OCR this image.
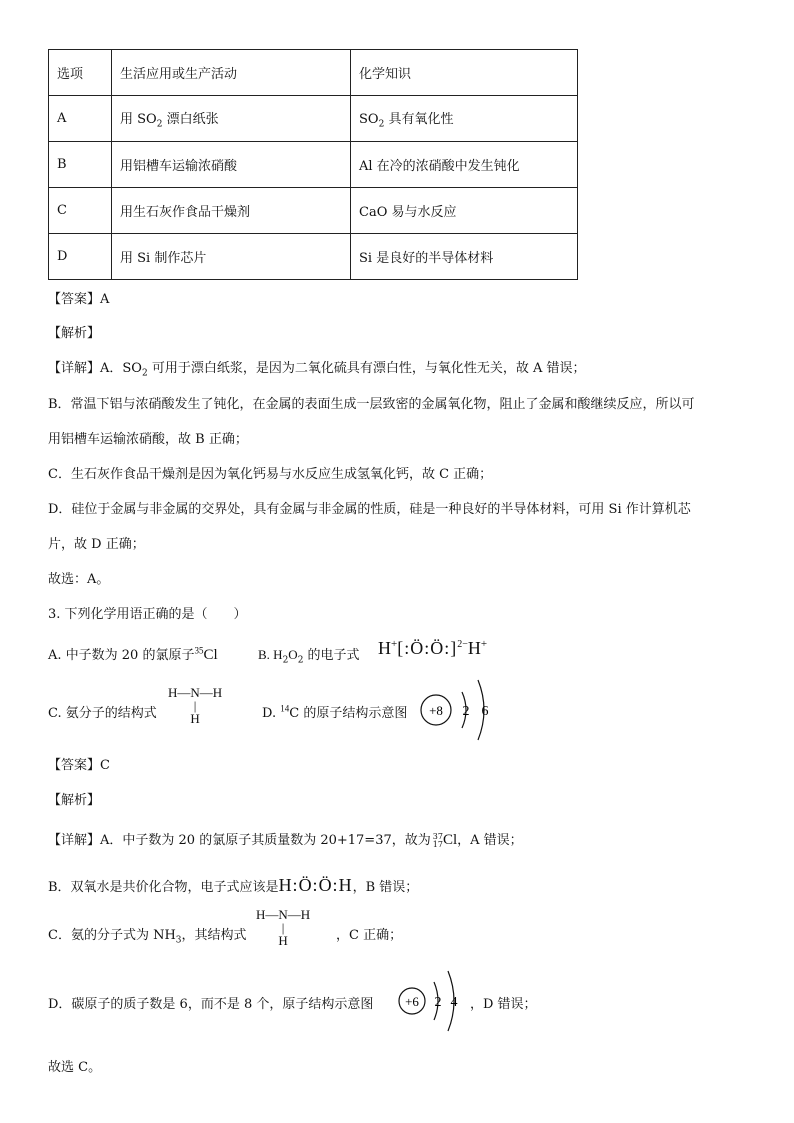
选项	生活应用或生产活动	化学知识
A	用 $SO_2$ 漂白纸张	$SO_2$ 具有氧化性
B	用铝槽车运输浓硝酸	Al 在冷的浓硝酸中发生钝化
C	用生石灰作食品干燥剂	CaO 易与水反应
D	用 Si 制作芯片	Si 是良好的半导体材料
【答案】A
【解析】
【详解】A．$SO_2$ 可用于漂白纸浆，是因为二氧化硫具有漂白性，与氧化性无关，故 A 错误；
B．常温下铝与浓硝酸发生了钝化，在金属的表面生成一层致密的金属氧化物，阻止了金属和酸继续反应，所以可
用铝槽车运输浓硝酸，故 B 正确；
C．生石灰作食品干燥剂是因为氧化钙易与水反应生成氢氧化钙，故 C 正确；
D．硅位于金属与非金属的交界处，具有金属与非金属的性质，硅是一种良好的半导体材料，可用 Si 作计算机芯
片，故 D 正确；
故选：A。
3. 下列化学用语正确的是（　　）
A. 中子数为 20 的氯原子$^{35}$Cl	B. $H_2O_2$ 的电子式 H+[:Ö:Ö:]$^{2-}$H+
C. 氨分子的结构式
H—N—H
|
H	D. $^{14}$C 的原子结构示意图 +8 2 6
【答案】C
【解析】
【详解】A．中子数为 20 的氯原子其质量数为 20+17=37，故为 37
17 Cl，A 错误；
B．双氧水是共价化合物，电子式应该是H:Ö:Ö:H，B 错误；
C．氨的分子式为 $NH_3$，其结构式
H—N—H
|
H	，C 正确；
D．碳原子的质子数是 6，而不是 8 个，原子结构示意图 +6 2 4 ，D 错误；
故选 C。
